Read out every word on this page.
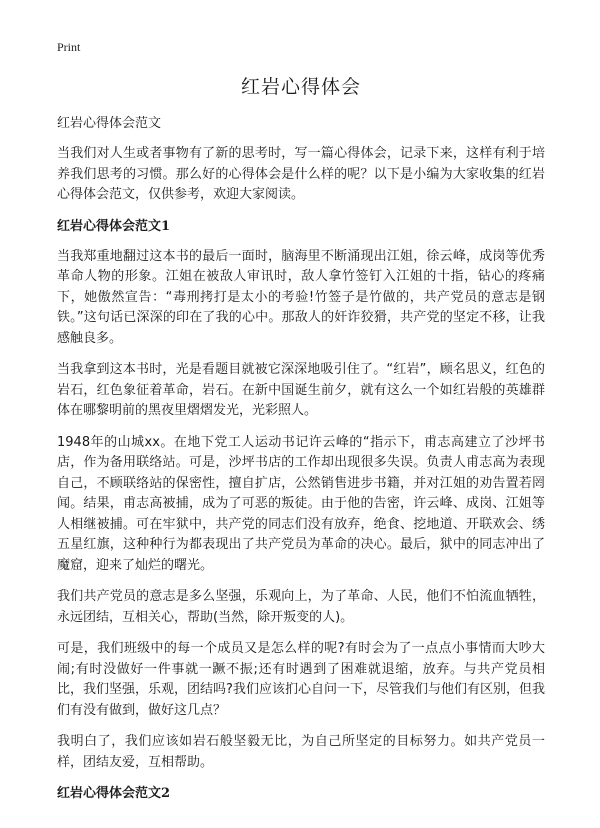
Print
红岩心得体会
红岩心得体会范文

当我们对人生或者事物有了新的思考时，写一篇心得体会，记录下来，这样有利于培养我们思考的习惯。那么好的心得体会是什么样的呢？以下是小编为大家收集的红岩心得体会范文，仅供参考，欢迎大家阅读。

红岩心得体会范文1

当我郑重地翻过这本书的最后一面时，脑海里不断涌现出江姐，徐云峰，成岗等优秀革命人物的形象。江姐在被敌人审讯时，敌人拿竹签钉入江姐的十指，钻心的疼痛下，她傲然宣告：“毒刑拷打是太小的考验!竹签子是竹做的，共产党员的意志是钢铁。”这句话已深深的印在了我的心中。那敌人的奸诈狡猾，共产党的坚定不移，让我感触良多。

当我拿到这本书时，光是看题目就被它深深地吸引住了。“红岩”，顾名思义，红色的岩石，红色象征着革命，岩石。在新中国诞生前夕，就有这么一个如红岩般的英雄群体在哪黎明前的黑夜里熠熠发光，光彩照人。

1948年的山城xx。在地下党工人运动书记许云峰的“指示下，甫志高建立了沙坪书店，作为备用联络站。可是，沙坪书店的工作却出现很多失误。负责人甫志高为表现自己，不顾联络站的保密性，擅自扩店，公然销售进步书籍，并对江姐的劝告置若罔闻。结果，甫志高被捕，成为了可恶的叛徒。由于他的告密，许云峰、成岗、江姐等人相继被捕。可在牢狱中，共产党的同志们没有放弃，绝食、挖地道、开联欢会、绣五星红旗，这种种行为都表现出了共产党员为革命的决心。最后，狱中的同志冲出了魔窟，迎来了灿烂的曙光。

我们共产党员的意志是多么坚强，乐观向上，为了革命、人民，他们不怕流血牺牲，永远团结，互相关心，帮助(当然，除开叛变的人)。

可是，我们班级中的每一个成员又是怎么样的呢?有时会为了一点点小事情而大吵大闹;有时没做好一件事就一蹶不振;还有时遇到了困难就退缩，放弃。与共产党员相比，我们坚强，乐观，团结吗?我们应该扪心自问一下，尽管我们与他们有区别，但我们有没有做到，做好这几点？

我明白了，我们应该如岩石般坚毅无比，为自己所坚定的目标努力。如共产党员一样，团结友爱，互相帮助。

红岩心得体会范文2
